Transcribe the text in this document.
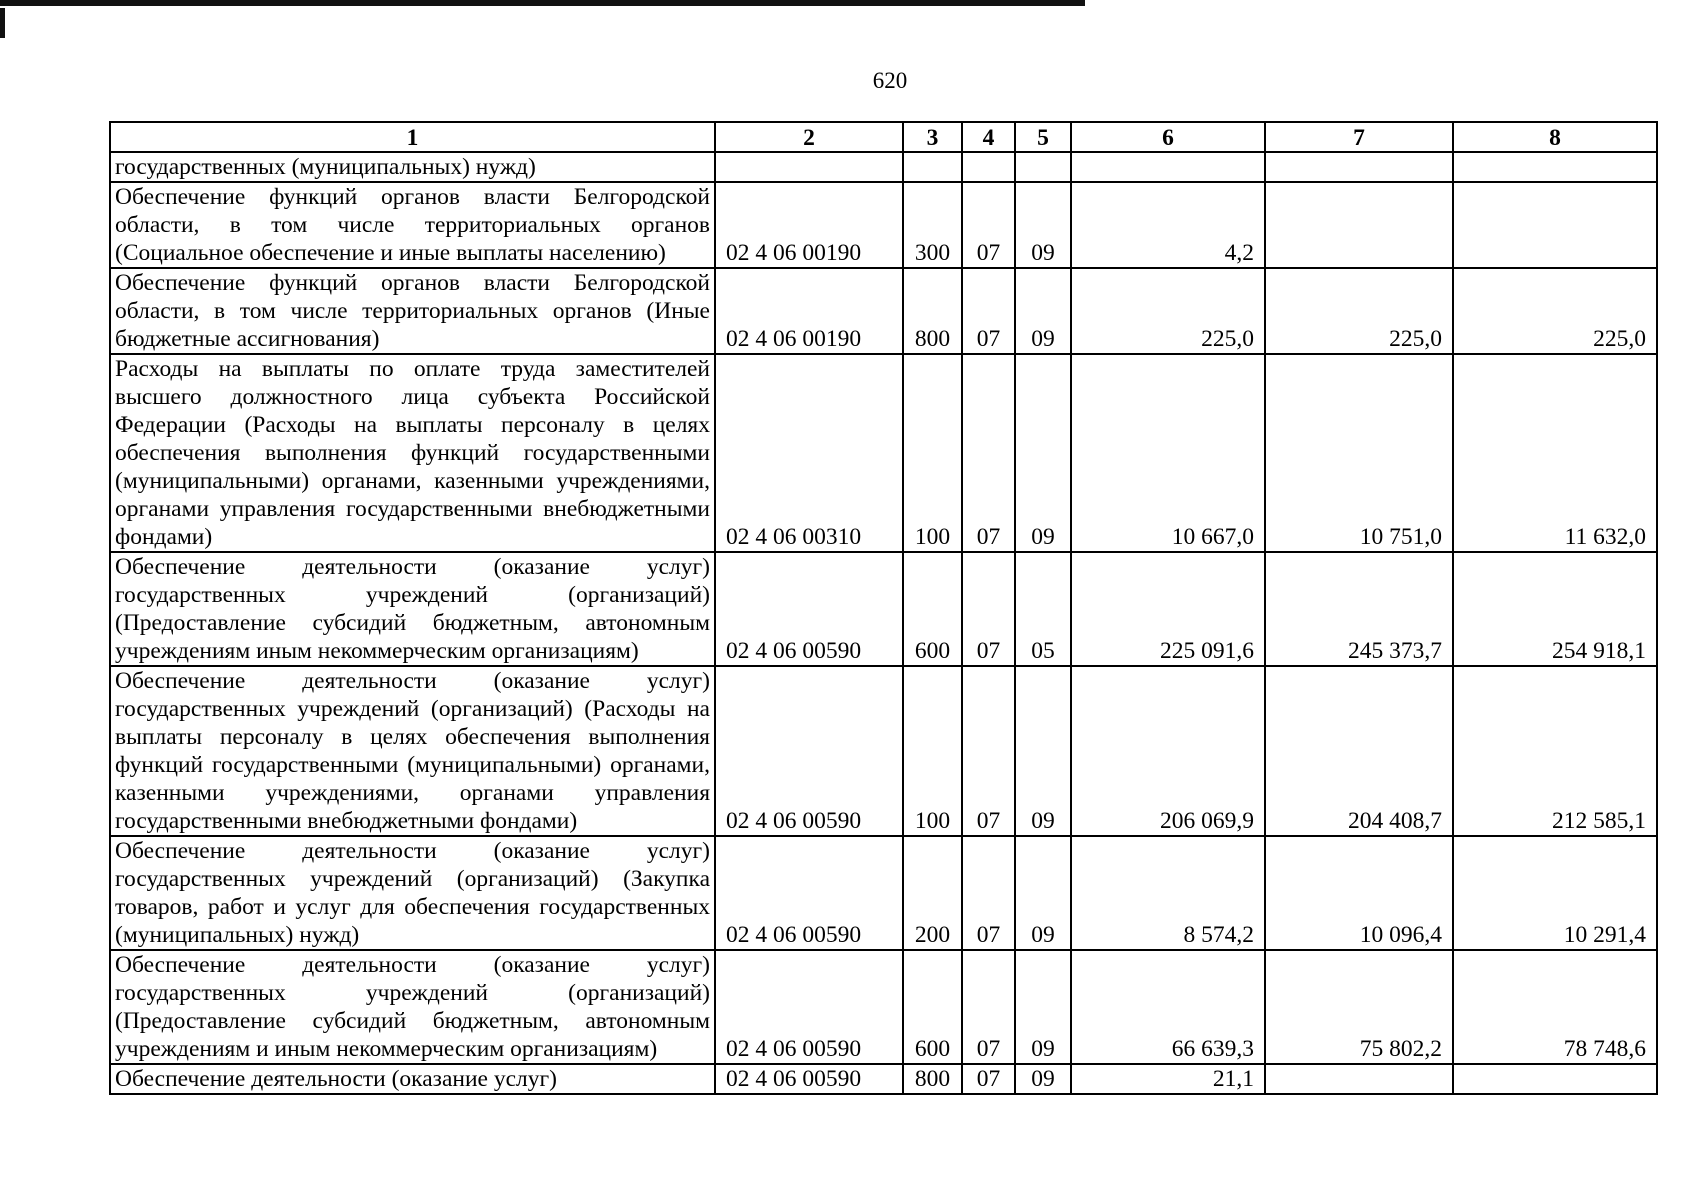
620
1	2	3	4	5	6	7	8
государственных (муниципальных) нужд)							
Обеспечение функций органов власти Белгородской области, в том числе территориальных органов (Социальное обеспечение и иные выплаты населению)	02 4 06 00190	300	07	09	4,2		
Обеспечение функций органов власти Белгородской области, в том числе территориальных органов (Иные бюджетные ассигнования)	02 4 06 00190	800	07	09	225,0	225,0	225,0
Расходы на выплаты по оплате труда заместителей высшего должностного лица субъекта Российской Федерации (Расходы на выплаты персоналу в целях обеспечения выполнения функций государственными (муниципальными) органами, казенными учреждениями, органами управления государственными внебюджетными фондами)	02 4 06 00310	100	07	09	10 667,0	10 751,0	11 632,0
Обеспечение деятельности (оказание услуг) государственных учреждений (организаций) (Предоставление субсидий бюджетным, автономным учреждениям иным некоммерческим организациям)	02 4 06 00590	600	07	05	225 091,6	245 373,7	254 918,1
Обеспечение деятельности (оказание услуг) государственных учреждений (организаций) (Расходы на выплаты персоналу в целях обеспечения выполнения функций государственными (муниципальными) органами, казенными учреждениями, органами управления государственными внебюджетными фондами)	02 4 06 00590	100	07	09	206 069,9	204 408,7	212 585,1
Обеспечение деятельности (оказание услуг) государственных учреждений (организаций) (Закупка товаров, работ и услуг для обеспечения государственных (муниципальных) нужд)	02 4 06 00590	200	07	09	8 574,2	10 096,4	10 291,4
Обеспечение деятельности (оказание услуг) государственных учреждений (организаций) (Предоставление субсидий бюджетным, автономным учреждениям и иным некоммерческим организациям)	02 4 06 00590	600	07	09	66 639,3	75 802,2	78 748,6
Обеспечение деятельности (оказание услуг)	02 4 06 00590	800	07	09	21,1		
